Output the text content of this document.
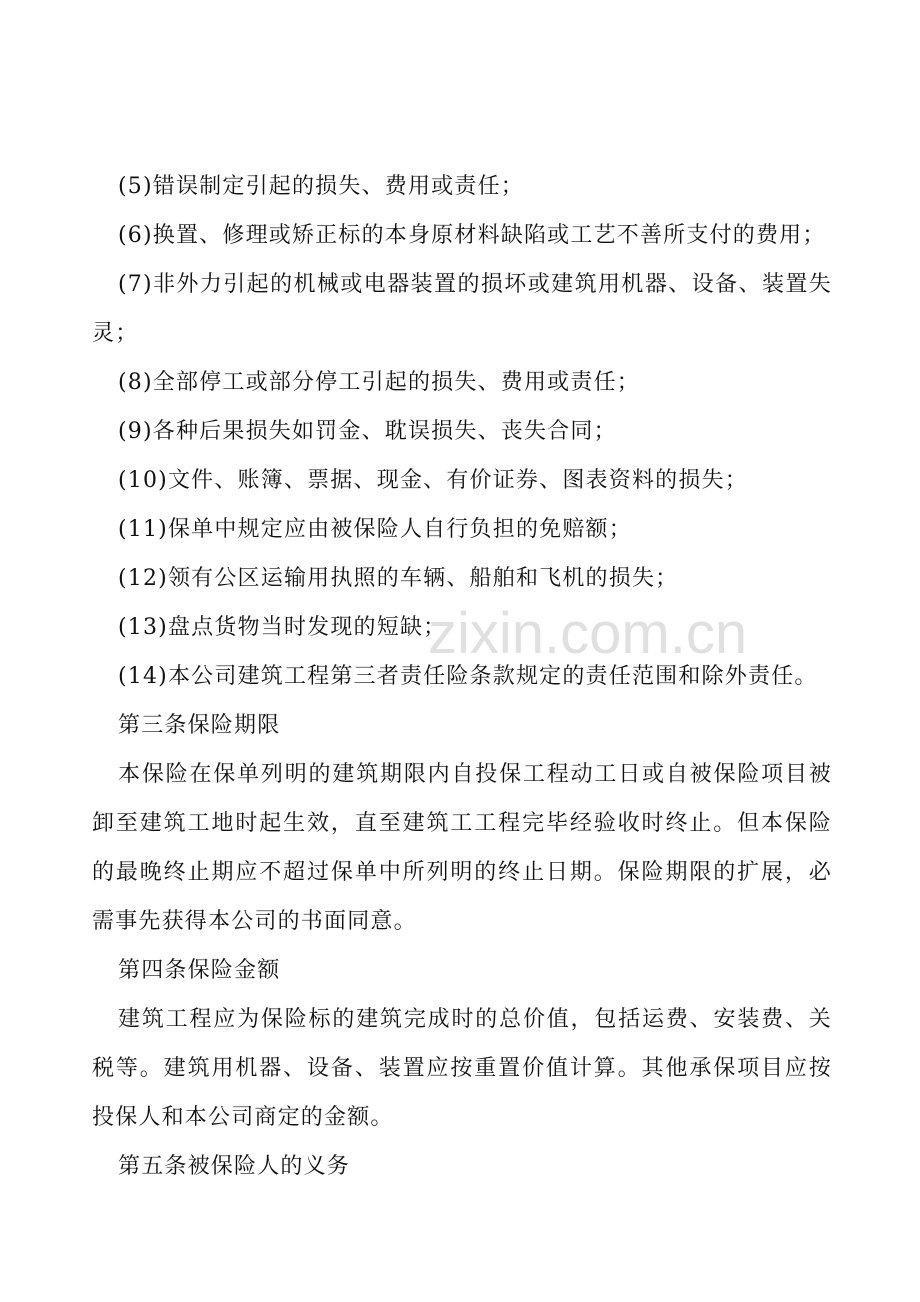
(5)错误制定引起的损失、费用或责任；

(6)换置、修理或矫正标的本身原材料缺陷或工艺不善所支付的费用；

(7)非外力引起的机械或电器装置的损坏或建筑用机器、设备、装置失灵；

(8)全部停工或部分停工引起的损失、费用或责任；

(9)各种后果损失如罚金、耽误损失、丧失合同；

(10)文件、账簿、票据、现金、有价证券、图表资料的损失；

(11)保单中规定应由被保险人自行负担的免赔额；

(12)领有公区运输用执照的车辆、船舶和飞机的损失；

(13)盘点货物当时发现的短缺；

(14)本公司建筑工程第三者责任险条款规定的责任范围和除外责任。

第三条保险期限

本保险在保单列明的建筑期限内自投保工程动工日或自被保险项目被卸至建筑工地时起生效，直至建筑工工程完毕经验收时终止。但本保险的最晚终止期应不超过保单中所列明的终止日期。保险期限的扩展，必需事先获得本公司的书面同意。

第四条保险金额

建筑工程应为保险标的建筑完成时的总价值，包括运费、安装费、关税等。建筑用机器、设备、装置应按重置价值计算。其他承保项目应按投保人和本公司商定的金额。

第五条被保险人的义务

zixin.com.cn
